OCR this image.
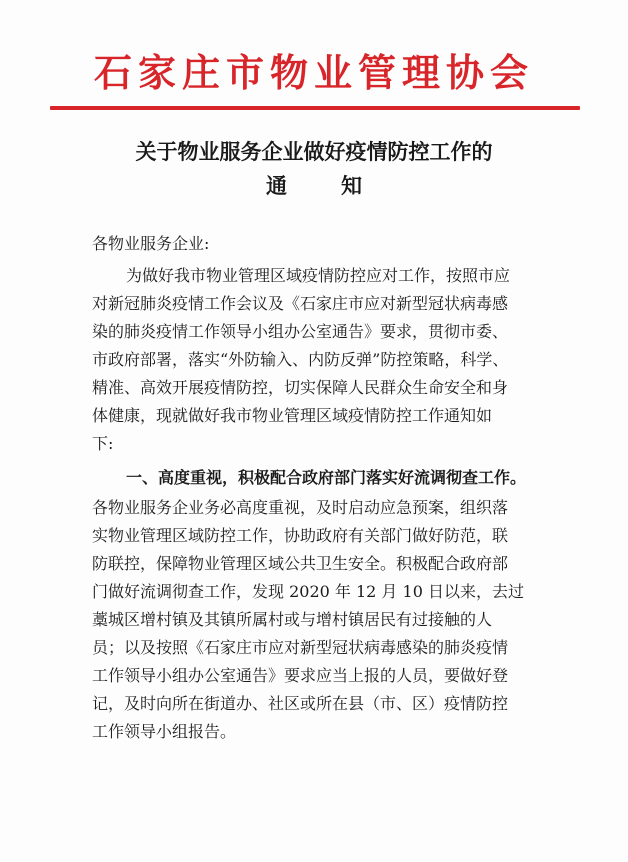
石家庄市物业管理协会
关于物业服务企业做好疫情防控工作的
通知
各物业服务企业:
为做好我市物业管理区域疫情防控应对工作，按照市应
对新冠肺炎疫情工作会议及《石家庄市应对新型冠状病毒感
染的肺炎疫情工作领导小组办公室通告》要求，贯彻市委、
市政府部署，落实“外防输入、内防反弹”防控策略，科学、
精准、高效开展疫情防控，切实保障人民群众生命安全和身
体健康，现就做好我市物业管理区域疫情防控工作通知如
下:
一、高度重视，积极配合政府部门落实好流调彻查工作。
各物业服务企业务必高度重视，及时启动应急预案，组织落
实物业管理区域防控工作，协助政府有关部门做好防范，联
防联控，保障物业管理区域公共卫生安全。积极配合政府部
门做好流调彻查工作，发现 2020 年 12 月 10 日以来，去过
藁城区增村镇及其镇所属村或与增村镇居民有过接触的人
员；以及按照《石家庄市应对新型冠状病毒感染的肺炎疫情
工作领导小组办公室通告》要求应当上报的人员，要做好登
记，及时向所在街道办、社区或所在县（市、区）疫情防控
工作领导小组报告。
